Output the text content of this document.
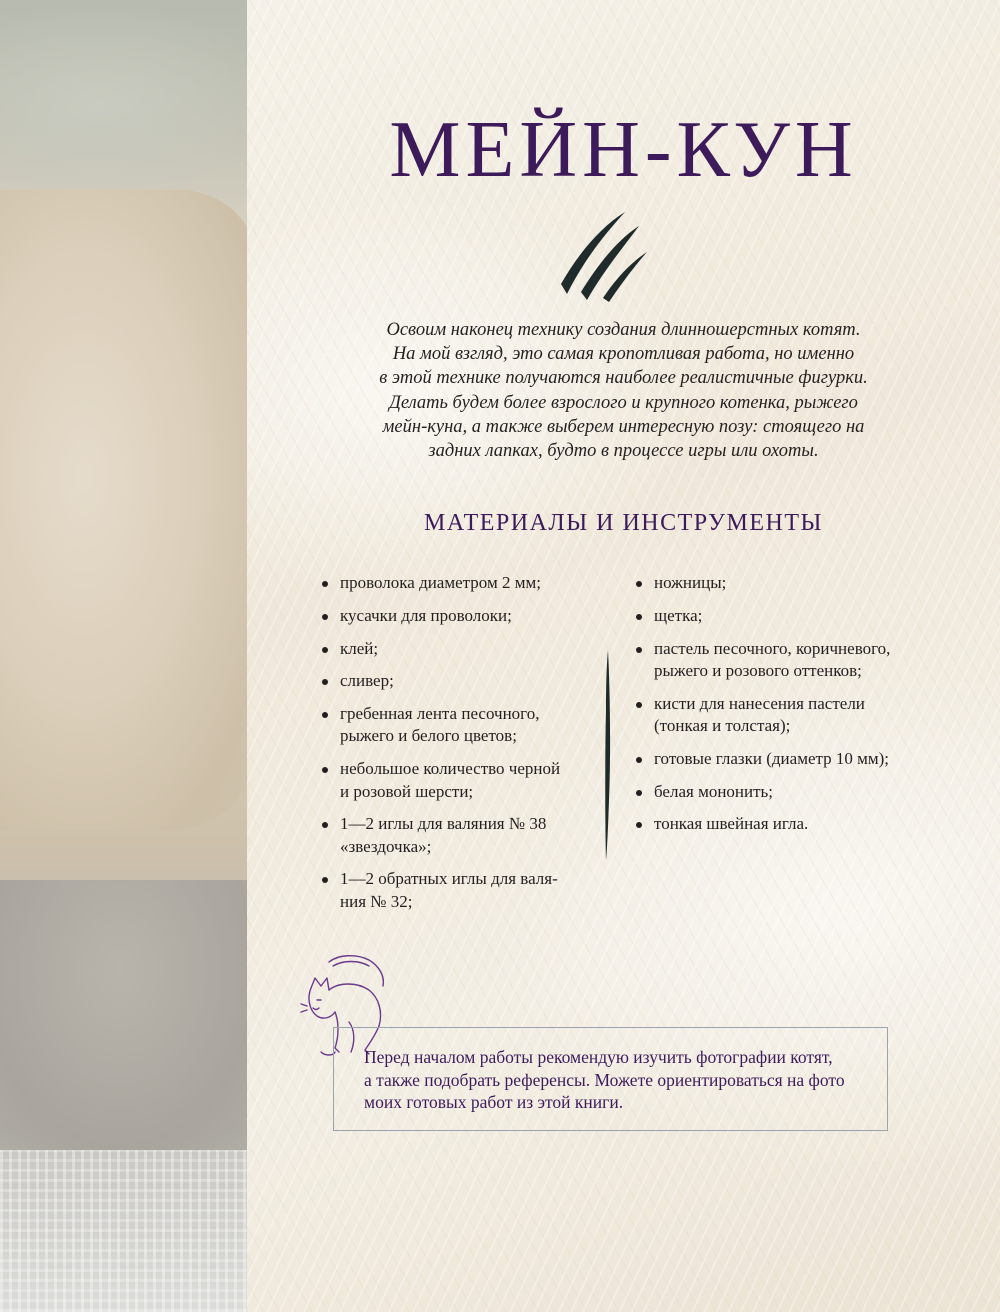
МЕЙН-КУН

Освоим наконец технику создания длинношерстных котят.
На мой взгляд, это самая кропотливая работа, но именно
в этой технике получаются наиболее реалистичные фигурки.
Делать будем более взрослого и крупного котенка, рыжего
мейн-куна, а также выберем интересную позу: стоящего на
задних лапках, будто в процессе игры или охоты.

МАТЕРИАЛЫ И ИНСТРУМЕНТЫ
проволока диаметром 2 мм;
кусачки для проволоки;
клей;
сливер;
гребенная лента песочного,
рыжего и белого цветов;
небольшое количество черной
и розовой шерсти;
1—2 иглы для валяния № 38
«звездочка»;
1—2 обратных иглы для валя-
ния № 32;
ножницы;
щетка;
пастель песочного, коричневого,
рыжего и розового оттенков;
кисти для нанесения пастели
(тонкая и толстая);
готовые глазки (диаметр 10 мм);
белая мононить;
тонкая швейная игла.

Перед началом работы рекомендую изучить фотографии котят,
а также подобрать референсы. Можете ориентироваться на фото
моих готовых работ из этой книги.
